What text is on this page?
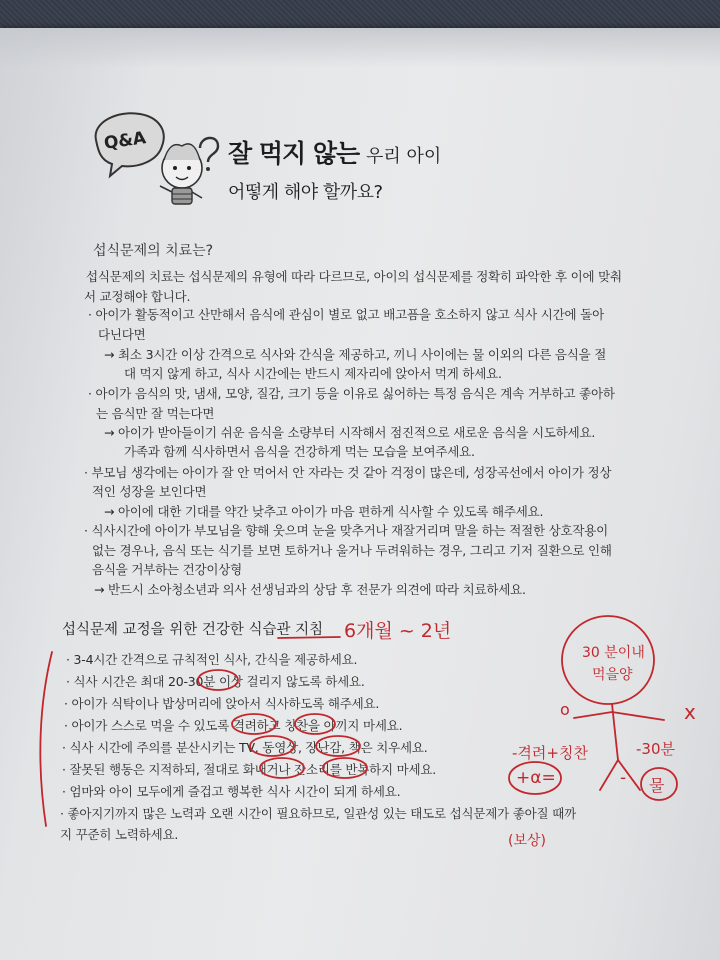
Q&A	잘 먹지 않는 우리 아이
어떻게 해야 할까요?
섭식문제의 치료는?
섭식문제의 치료는 섭식문제의 유형에 따라 다르므로, 아이의 섭식문제를 정확히 파악한 후 이에 맞춰
서 교정해야 합니다.
· 아이가 활동적이고 산만해서 음식에 관심이 별로 없고 배고픔을 호소하지 않고 식사 시간에 돌아
다닌다면
→ 최소 3시간 이상 간격으로 식사와 간식을 제공하고, 끼니 사이에는 물 이외의 다른 음식을 절
대 먹지 않게 하고, 식사 시간에는 반드시 제자리에 앉아서 먹게 하세요.
· 아이가 음식의 맛, 냄새, 모양, 질감, 크기 등을 이유로 싫어하는 특정 음식은 계속 거부하고 좋아하
는 음식만 잘 먹는다면
→ 아이가 받아들이기 쉬운 음식을 소량부터 시작해서 점진적으로 새로운 음식을 시도하세요.
가족과 함께 식사하면서 음식을 건강하게 먹는 모습을 보여주세요.
· 부모님 생각에는 아이가 잘 안 먹어서 안 자라는 것 같아 걱정이 많은데, 성장곡선에서 아이가 정상
적인 성장을 보인다면
→ 아이에 대한 기대를 약간 낮추고 아이가 마음 편하게 식사할 수 있도록 해주세요.
· 식사시간에 아이가 부모님을 향해 웃으며 눈을 맞추거나 재잘거리며 말을 하는 적절한 상호작용이
없는 경우나, 음식 또는 식기를 보면 토하거나 울거나 두려워하는 경우, 그리고 기저 질환으로 인해
음식을 거부하는 건강이상형
→ 반드시 소아청소년과 의사 선생님과의 상담 후 전문가 의견에 따라 치료하세요.
섭식문제 교정을 위한 건강한 식습관 지침
· 3-4시간 간격으로 규칙적인 식사, 간식을 제공하세요.
· 식사 시간은 최대 20-30분 이상 걸리지 않도록 하세요.
· 아이가 식탁이나 밥상머리에 앉아서 식사하도록 해주세요.
· 아이가 스스로 먹을 수 있도록 격려하고 칭찬을 아끼지 마세요.
· 식사 시간에 주의를 분산시키는 TV, 동영상, 장난감, 책은 치우세요.
· 잘못된 행동은 지적하되, 절대로 화내거나 잔소리를 반복하지 마세요.
· 엄마와 아이 모두에게 즐겁고 행복한 식사 시간이 되게 하세요.
· 좋아지기까지 많은 노력과 오랜 시간이 필요하므로, 일관성 있는 태도로 섭식문제가 좋아질 때까
지 꾸준히 노력하세요.
6개월 ~ 2년
30 분이내
먹을양
o	x
-격려+칭찬	-30분
+α=	- 물
(보상)
